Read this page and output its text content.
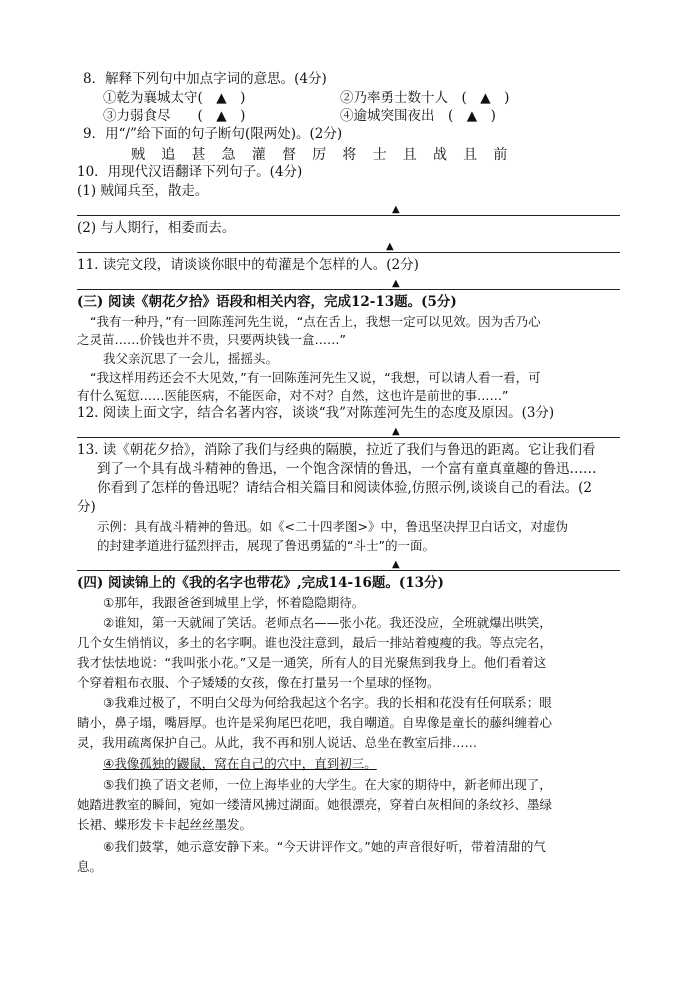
8．解释下列句中加点字词的意思。(4分)
①乾为襄城太守(　▲　)	②乃率勇士数十人　(　▲　)
③力弱食尽　　(　▲　)	④逾城突围夜出　(　▲　)
9．用“/”给下面的句子断句(限两处)。(2分)
贼 追 甚 急 灌 督 厉 将 士 且 战 且 前
10．用现代汉语翻译下列句子。(4分)
(1) 贼闻兵至，散走。
▲
(2) 与人期行，相委而去。
▲
11. 读完文段，请谈谈你眼中的荀灌是个怎样的人。(2分)
▲
(三) 阅读《朝花夕拾》语段和相关内容，完成12-13题。(5分)
“我有一种丹，”有一回陈莲河先生说，“点在舌上，我想一定可以见效。因为舌乃心
之灵苗……价钱也并不贵，只要两块钱一盒……”
我父亲沉思了一会儿，摇摇头。
“我这样用药还会不大见效，”有一回陈莲河先生又说，“我想，可以请人看一看，可
有什么冤愆……医能医病，不能医命，对不对？自然，这也许是前世的事……”
12. 阅读上面文字，结合名著内容，谈谈“我”对陈莲河先生的态度及原因。(3分)
▲
13. 读《朝花夕拾》，消除了我们与经典的隔膜，拉近了我们与鲁迅的距离。它让我们看
到了一个具有战斗精神的鲁迅，一个饱含深情的鲁迅，一个富有童真童趣的鲁迅……
你看到了怎样的鲁迅呢？请结合相关篇目和阅读体验,仿照示例,谈谈自己的看法。(2
分)
示例：具有战斗精神的鲁迅。如《<二十四孝图>》中，鲁迅坚决捍卫白话文，对虚伪
的封建孝道进行猛烈抨击，展现了鲁迅勇猛的“斗士”的一面。
▲
(四) 阅读锦上的《我的名字也带花》,完成14-16题。(13分)
①那年，我跟爸爸到城里上学，怀着隐隐期待。
②谁知，第一天就闹了笑话。老师点名——张小花。我还没应，全班就爆出哄笑，
几个女生悄悄议，多土的名字啊。谁也没注意到，最后一排站着瘦瘦的我。等点完名，
我才怯怯地说：“我叫张小花。”又是一通笑，所有人的目光聚焦到我身上。他们看着这
个穿着粗布衣服、个子矮矮的女孩，像在打量另一个星球的怪物。
③我难过极了，不明白父母为何给我起这个名字。我的长相和花没有任何联系；眼
睛小，鼻子塌，嘴唇厚。也许是采狗尾巴花吧，我自嘲道。自卑像是童长的藤纠缠着心
灵，我用疏离保护自己。从此，我不再和别人说话、总坐在教室后排……
④我像孤独的鼹鼠，窝在自己的穴中，直到初三。
⑤我们换了语文老师，一位上海毕业的大学生。在大家的期待中，新老师出现了，
她踏进教室的瞬间，宛如一缕清风拂过湖面。她很漂亮，穿着白灰相间的条纹衫、墨绿
长裙、蝶形发卡卡起丝丝墨发。
⑥我们鼓掌，她示意安静下来。“今天讲评作文。”她的声音很好听，带着清甜的气
息。
